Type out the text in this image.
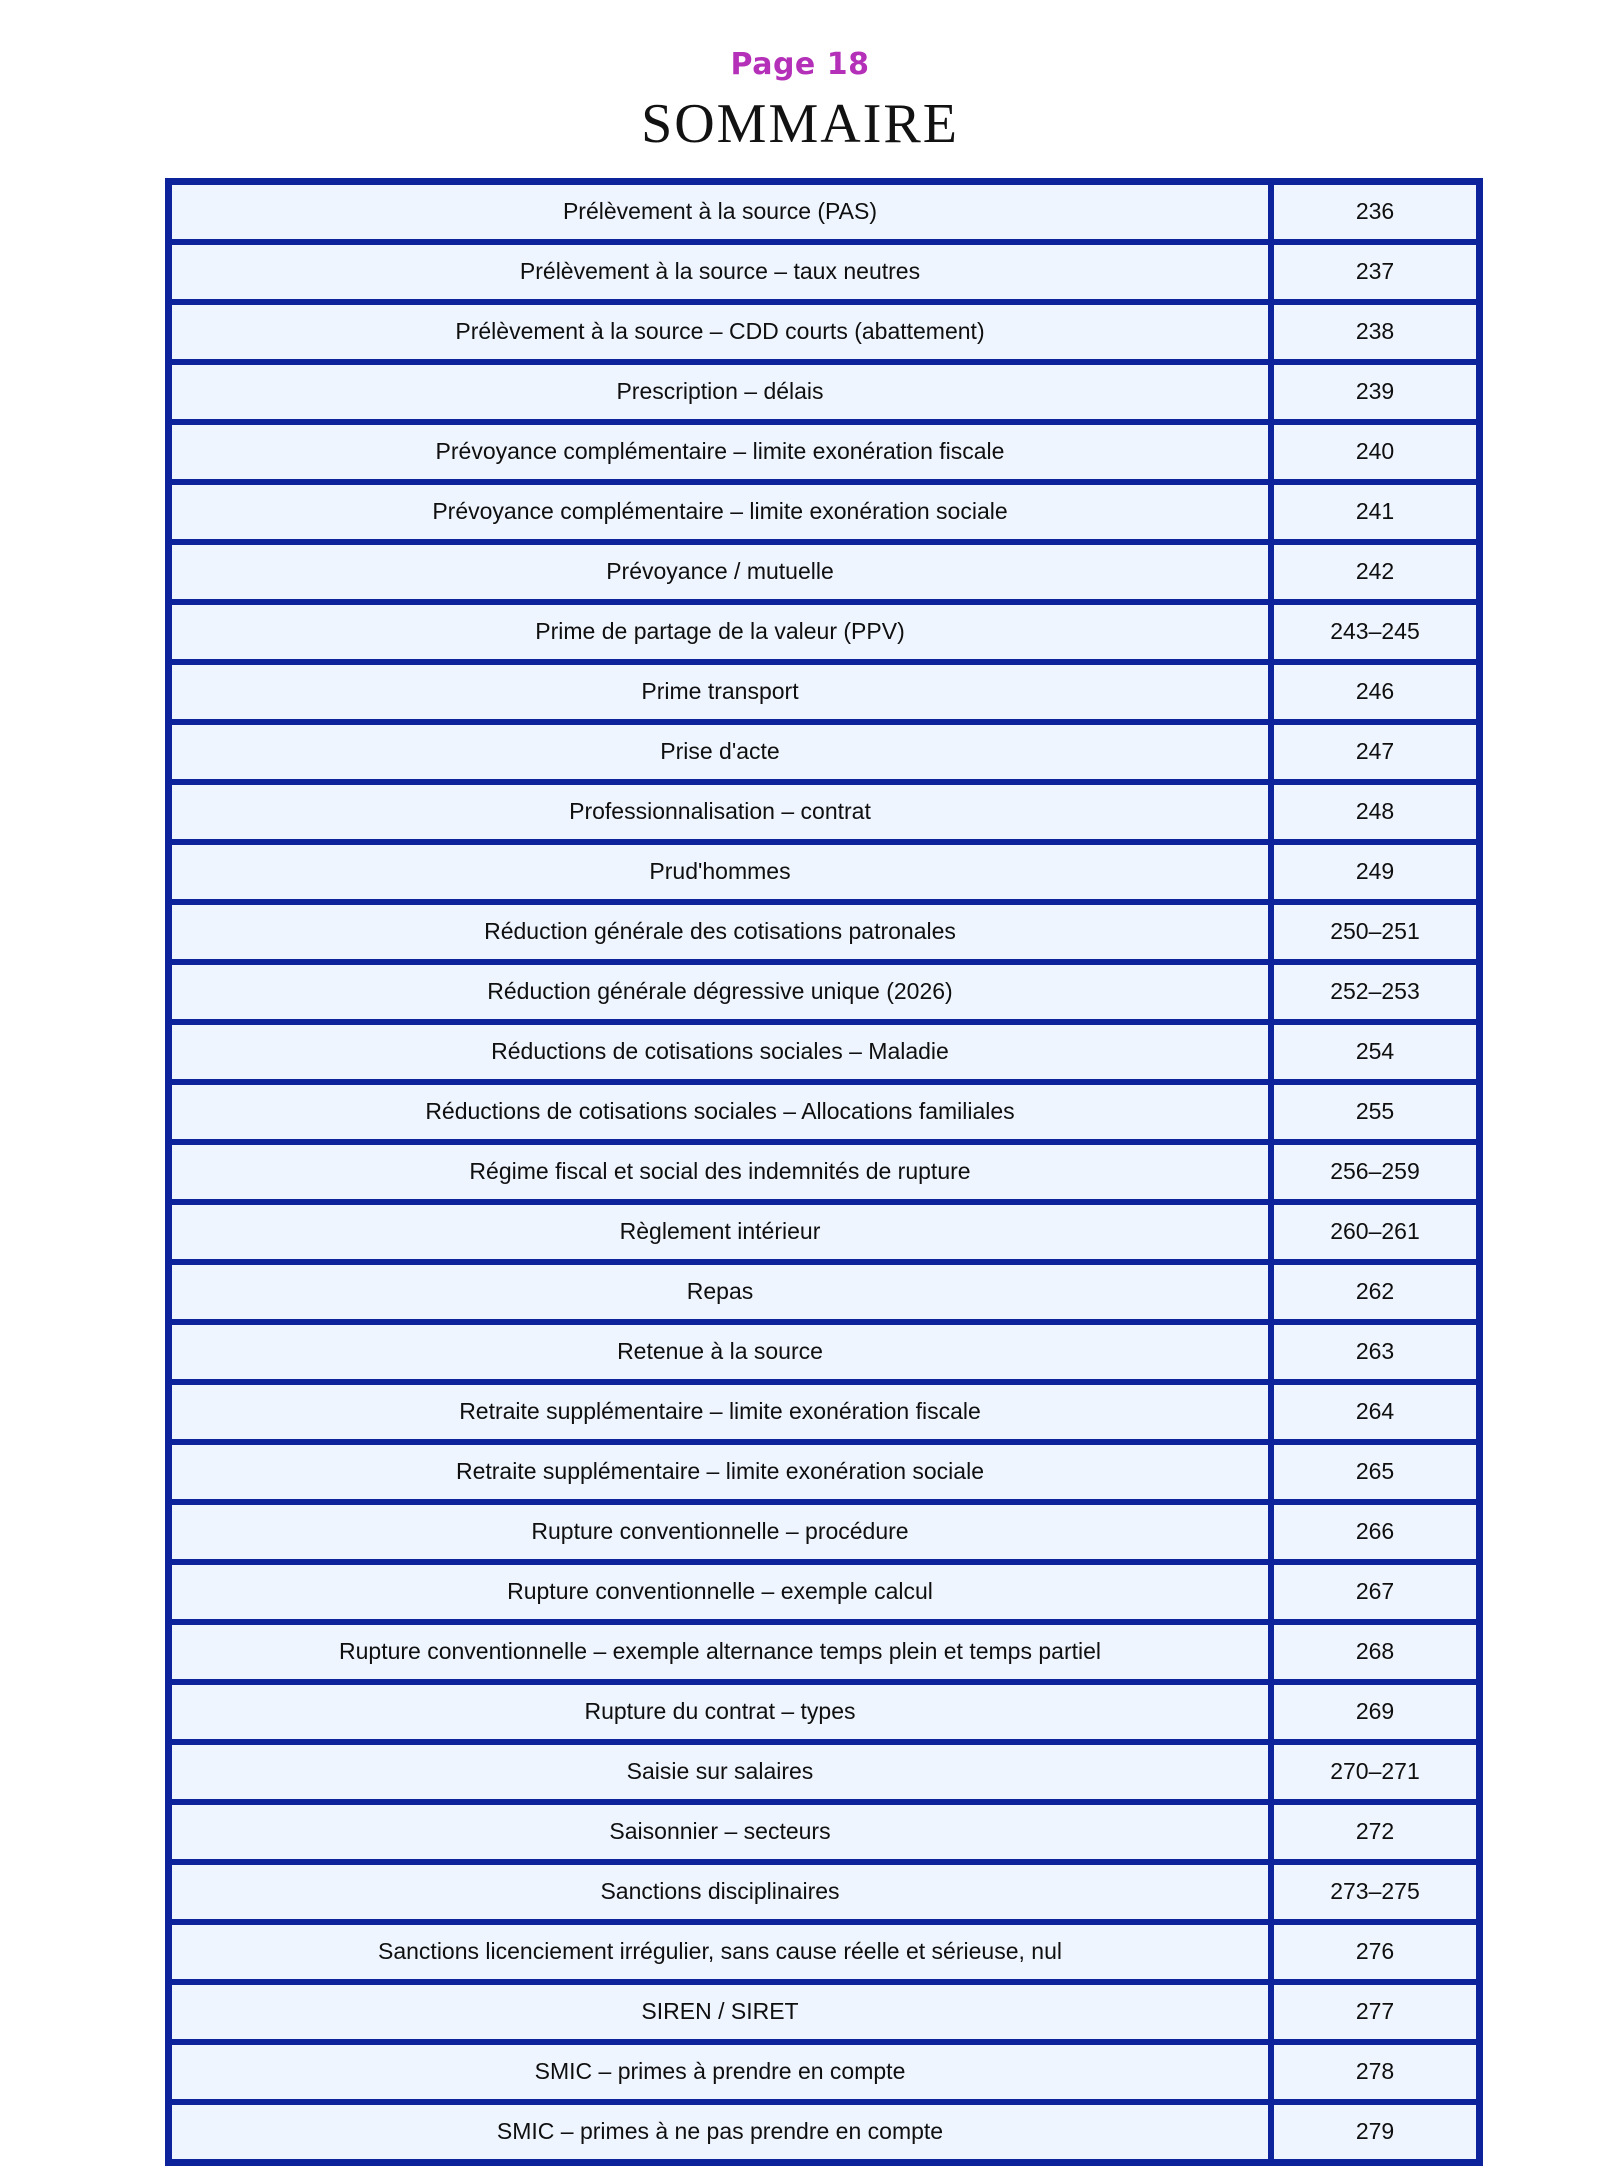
Page 18
SOMMAIRE
Prélèvement à la source (PAS)	236
Prélèvement à la source – taux neutres	237
Prélèvement à la source – CDD courts (abattement)	238
Prescription – délais	239
Prévoyance complémentaire – limite exonération fiscale	240
Prévoyance complémentaire – limite exonération sociale	241
Prévoyance / mutuelle	242
Prime de partage de la valeur (PPV)	243–245
Prime transport	246
Prise d'acte	247
Professionnalisation – contrat	248
Prud'hommes	249
Réduction générale des cotisations patronales	250–251
Réduction générale dégressive unique (2026)	252–253
Réductions de cotisations sociales – Maladie	254
Réductions de cotisations sociales – Allocations familiales	255
Régime fiscal et social des indemnités de rupture	256–259
Règlement intérieur	260–261
Repas	262
Retenue à la source	263
Retraite supplémentaire – limite exonération fiscale	264
Retraite supplémentaire – limite exonération sociale	265
Rupture conventionnelle – procédure	266
Rupture conventionnelle – exemple calcul	267
Rupture conventionnelle – exemple alternance temps plein et temps partiel	268
Rupture du contrat – types	269
Saisie sur salaires	270–271
Saisonnier – secteurs	272
Sanctions disciplinaires	273–275
Sanctions licenciement irrégulier, sans cause réelle et sérieuse, nul	276
SIREN / SIRET	277
SMIC – primes à prendre en compte	278
SMIC – primes à ne pas prendre en compte	279
